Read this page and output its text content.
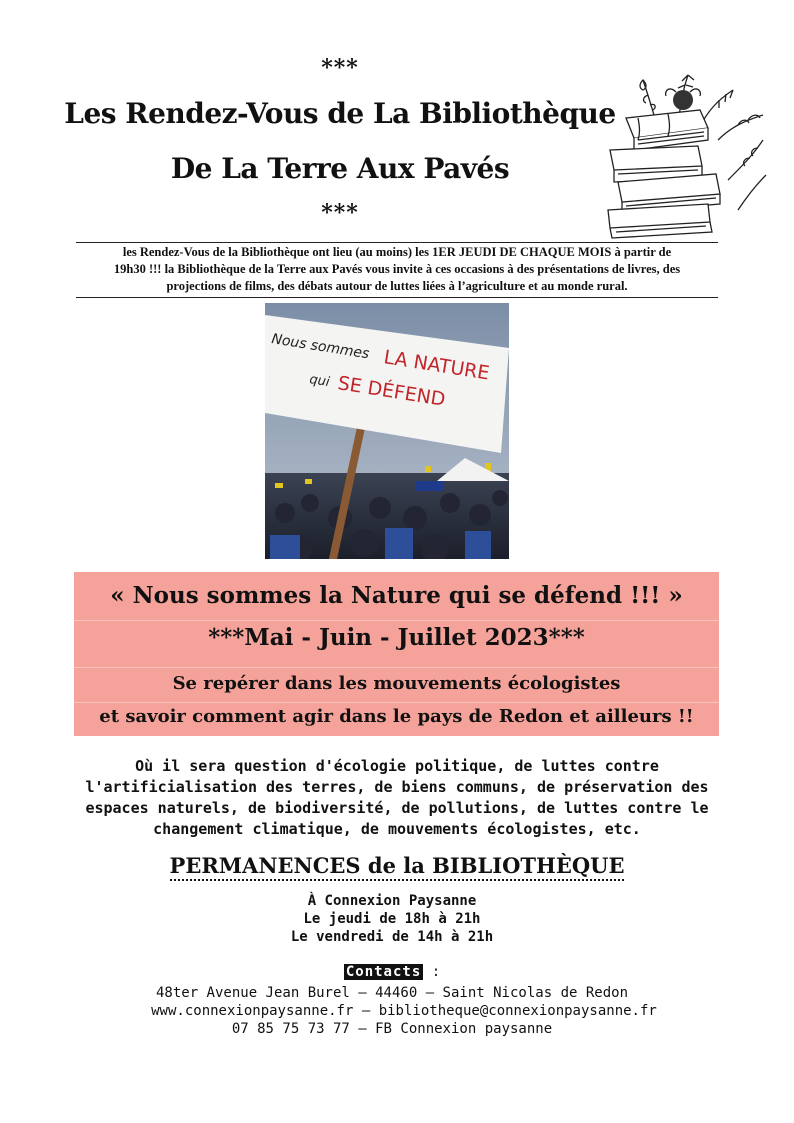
***
Les Rendez-Vous de La Bibliothèque
De La Terre Aux Pavés
***
les Rendez-Vous de la Bibliothèque ont lieu (au moins) les 1ER JEUDI DE CHAQUE MOIS à partir de
19h30 !!! la Bibliothèque de la Terre aux Pavés vous invite à ces occasions à des présentations de livres, des
projections de films, des débats autour de luttes liées à l’agriculture et au monde rural.
Nous sommes LA NATURE
qui SE DÉFEND
« Nous sommes la Nature qui se défend !!! »
***Mai - Juin - Juillet 2023***
Se repérer dans les mouvements écologistes
et savoir comment agir dans le pays de Redon et ailleurs !!
Où il sera question d'écologie politique, de luttes contre
l'artificialisation des terres, de biens communs, de préservation des
espaces naturels, de biodiversité, de pollutions, de luttes contre le
changement climatique, de mouvements écologistes, etc.
PERMANENCES de la BIBLIOTHÈQUE
À Connexion Paysanne
Le jeudi de 18h à 21h
Le vendredi de 14h à 21h
Contacts :
48ter Avenue Jean Burel – 44460 – Saint Nicolas de Redon
www.connexionpaysanne.fr – bibliotheque@connexionpaysanne.fr
07 85 75 73 77 – FB Connexion paysanne
